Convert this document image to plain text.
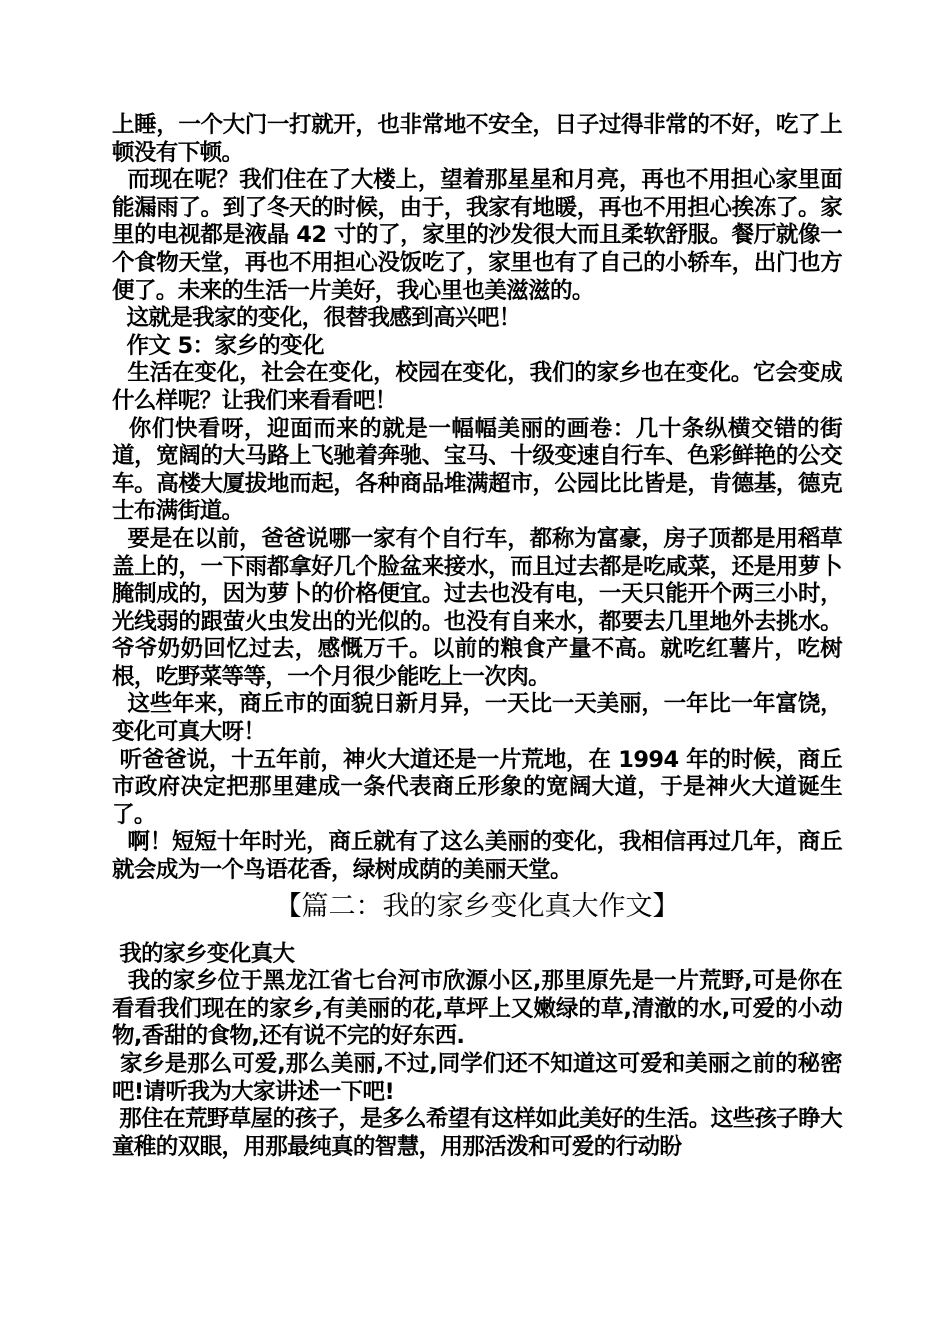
上睡，一个大门一打就开，也非常地不安全，日子过得非常的不好，吃了上顿没有下顿。

而现在呢？我们住在了大楼上，望着那星星和月亮，再也不用担心家里面能漏雨了。到了冬天的时候，由于，我家有地暖，再也不用担心挨冻了。家里的电视都是液晶 42 寸的了，家里的沙发很大而且柔软舒服。餐厅就像一个食物天堂，再也不用担心没饭吃了，家里也有了自己的小轿车，出门也方便了。未来的生活一片美好，我心里也美滋滋的。

这就是我家的变化，很替我感到高兴吧！

作文 5：家乡的变化

生活在变化，社会在变化，校园在变化，我们的家乡也在变化。它会变成什么样呢？让我们来看看吧！

你们快看呀，迎面而来的就是一幅幅美丽的画卷：几十条纵横交错的街道，宽阔的大马路上飞驰着奔驰、宝马、十级变速自行车、色彩鲜艳的公交车。高楼大厦拔地而起，各种商品堆满超市，公园比比皆是，肯德基，德克士布满街道。

要是在以前，爸爸说哪一家有个自行车，都称为富豪，房子顶都是用稻草盖上的，一下雨都拿好几个脸盆来接水，而且过去都是吃咸菜，还是用萝卜腌制成的，因为萝卜的价格便宜。过去也没有电，一天只能开个两三小时，光线弱的跟萤火虫发出的光似的。也没有自来水，都要去几里地外去挑水。爷爷奶奶回忆过去，感慨万千。以前的粮食产量不高。就吃红薯片，吃树根，吃野菜等等，一个月很少能吃上一次肉。

这些年来，商丘市的面貌日新月异，一天比一天美丽，一年比一年富饶，变化可真大呀！

听爸爸说，十五年前，神火大道还是一片荒地，在 1994 年的时候，商丘市政府决定把那里建成一条代表商丘形象的宽阔大道，于是神火大道诞生了。

啊！短短十年时光，商丘就有了这么美丽的变化，我相信再过几年，商丘就会成为一个鸟语花香，绿树成荫的美丽天堂。

【篇二：我的家乡变化真大作文】

我的家乡变化真大

我的家乡位于黑龙江省七台河市欣源小区,那里原先是一片荒野,可是你在看看我们现在的家乡,有美丽的花,草坪上又嫩绿的草,清澈的水,可爱的小动物,香甜的食物,还有说不完的好东西.

家乡是那么可爱,那么美丽,不过,同学们还不知道这可爱和美丽之前的秘密吧!请听我为大家讲述一下吧!

那住在荒野草屋的孩子，是多么希望有这样如此美好的生活。这些孩子睁大童稚的双眼，用那最纯真的智慧，用那活泼和可爱的行动盼
